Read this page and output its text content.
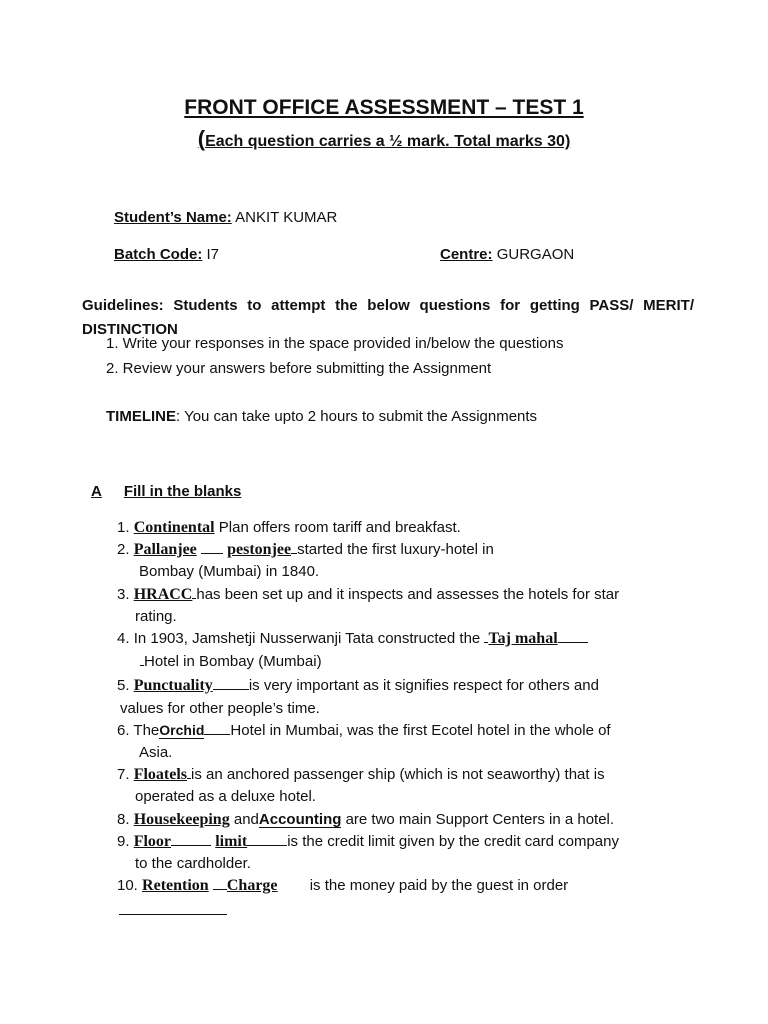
FRONT OFFICE ASSESSMENT – TEST 1
(Each question carries a ½ mark. Total marks 30)
Student’s Name: ANKIT KUMAR
Batch Code: I7	Centre: GURGAON
Guidelines: Students to attempt the below questions for getting PASS/ MERIT/ DISTINCTION
1. Write your responses in the space provided in/below the questions
2. Review your answers before submitting the Assignment
TIMELINE: You can take upto 2 hours to submit the Assignments
A Fill in the blanks
1. Continental Plan offers room tariff and breakfast.
2. Pallanjee pestonjee started the first luxury-hotel in
Bombay (Mumbai) in 1840.
3. HRACC has been set up and it inspects and assesses the hotels for star
rating.
4. In 1903, Jamshetji Nusserwanji Tata constructed the Taj mahal
Hotel in Bombay (Mumbai)
5. Punctuality is very important as it signifies respect for others and
values for other people’s time.
6. TheOrchid Hotel in Mumbai, was the first Ecotel hotel in the whole of
Asia.
7. Floatels is an anchored passenger ship (which is not seaworthy) that is
operated as a deluxe hotel.
8. Housekeeping andAccounting are two main Support Centers in a hotel.
9. Floor	limit	is the credit limit given by the credit card company
to the cardholder.
10. Retention Charge is the money paid by the guest in order
